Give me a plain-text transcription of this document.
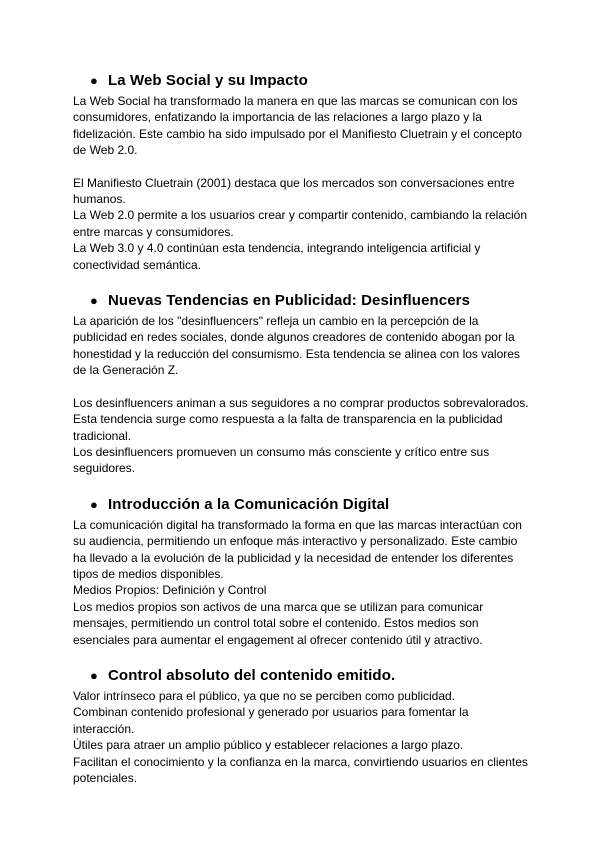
● La Web Social y su Impacto

La Web Social ha transformado la manera en que las marcas se comunican con los consumidores, enfatizando la importancia de las relaciones a largo plazo y la fidelización. Este cambio ha sido impulsado por el Manifiesto Cluetrain y el concepto de Web 2.0.

El Manifiesto Cluetrain (2001) destaca que los mercados son conversaciones entre humanos.

La Web 2.0 permite a los usuarios crear y compartir contenido, cambiando la relación entre marcas y consumidores.

La Web 3.0 y 4.0 continúan esta tendencia, integrando inteligencia artificial y conectividad semántica.

● Nuevas Tendencias en Publicidad: Desinfluencers

La aparición de los "desinfluencers" refleja un cambio en la percepción de la publicidad en redes sociales, donde algunos creadores de contenido abogan por la honestidad y la reducción del consumismo. Esta tendencia se alinea con los valores de la Generación Z.

Los desinfluencers animan a sus seguidores a no comprar productos sobrevalorados.

Esta tendencia surge como respuesta a la falta de transparencia en la publicidad tradicional.

Los desinfluencers promueven un consumo más consciente y crítico entre sus seguidores.

● Introducción a la Comunicación Digital

La comunicación digital ha transformado la forma en que las marcas interactúan con su audiencia, permitiendo un enfoque más interactivo y personalizado. Este cambio ha llevado a la evolución de la publicidad y la necesidad de entender los diferentes tipos de medios disponibles.

Medios Propios: Definición y Control

Los medios propios son activos de una marca que se utilizan para comunicar mensajes, permitiendo un control total sobre el contenido. Estos medios son esenciales para aumentar el engagement al ofrecer contenido útil y atractivo.

● Control absoluto del contenido emitido.

Valor intrínseco para el público, ya que no se perciben como publicidad.

Combinan contenido profesional y generado por usuarios para fomentar la interacción.

Útiles para atraer un amplio público y establecer relaciones a largo plazo.

Facilitan el conocimiento y la confianza en la marca, convirtiendo usuarios en clientes potenciales.
